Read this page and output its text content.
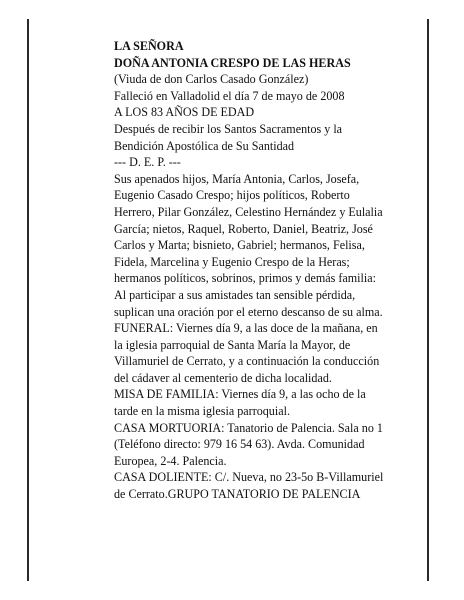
LA SEÑORA
DOÑA ANTONIA CRESPO DE LAS HERAS
(Viuda de don Carlos Casado González)
Falleció en Valladolid el día 7 de mayo de 2008
A LOS 83 AÑOS DE EDAD
Después de recibir los Santos Sacramentos y la
Bendición Apostólica de Su Santidad
--- D. E. P. ---
Sus apenados hijos, María Antonia, Carlos, Josefa,
Eugenio Casado Crespo; hijos políticos, Roberto
Herrero, Pilar González, Celestino Hernández y Eulalia
García; nietos, Raquel, Roberto, Daniel, Beatriz, José
Carlos y Marta; bisnieto, Gabriel; hermanos, Felisa,
Fidela, Marcelina y Eugenio Crespo de la Heras;
hermanos políticos, sobrinos, primos y demás familia:
Al participar a sus amistades tan sensible pérdida,
suplican una oración por el eterno descanso de su alma.
FUNERAL: Viernes día 9, a las doce de la mañana, en
la iglesia parroquial de Santa María la Mayor, de
Villamuriel de Cerrato, y a continuación la conducción
del cádaver al cementerio de dicha localidad.
MISA DE FAMILIA: Viernes día 9, a las ocho de la
tarde en la misma iglesia parroquial.
CASA MORTUORIA: Tanatorio de Palencia. Sala no 1
(Teléfono directo: 979 16 54 63). Avda. Comunidad
Europea, 2-4. Palencia.
CASA DOLIENTE: C/. Nueva, no 23-5o B-Villamuriel
de Cerrato.GRUPO TANATORIO DE PALENCIA
